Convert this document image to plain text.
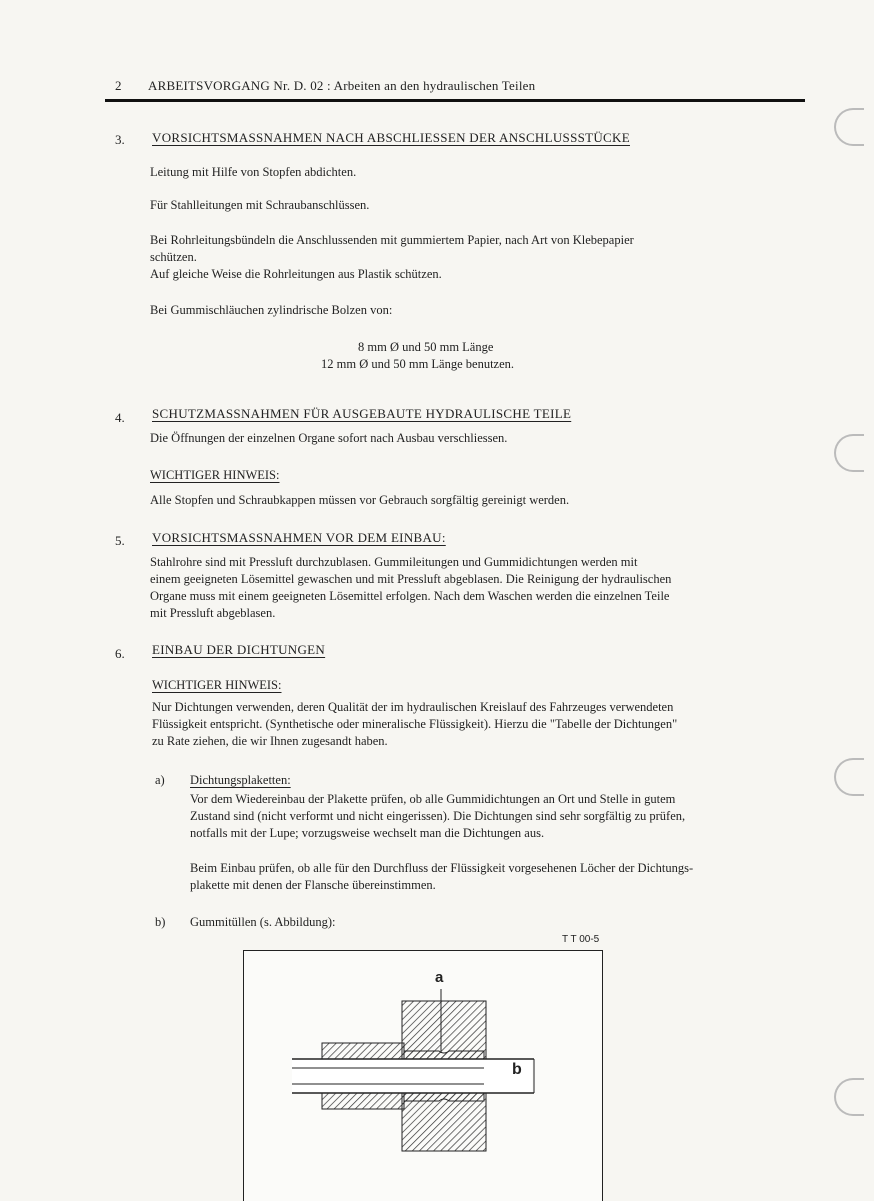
2 ARBEITSVORGANG Nr. D. 02 : Arbeiten an den hydraulischen Teilen
3. VORSICHTSMASSNAHMEN NACH ABSCHLIESSEN DER ANSCHLUSSSTÜCKE
Leitung mit Hilfe von Stopfen abdichten.
Für Stahlleitungen mit Schraubanschlüssen.
Bei Rohrleitungsbündeln die Anschlussenden mit gummiertem Papier, nach Art von Klebepapier
schützen.
Auf gleiche Weise die Rohrleitungen aus Plastik schützen.
Bei Gummischläuchen zylindrische Bolzen von:
8 mm Ø und 50 mm Länge
12 mm Ø und 50 mm Länge benutzen.
4. SCHUTZMASSNAHMEN FÜR AUSGEBAUTE HYDRAULISCHE TEILE
Die Öffnungen der einzelnen Organe sofort nach Ausbau verschliessen.
WICHTIGER HINWEIS:
Alle Stopfen und Schraubkappen müssen vor Gebrauch sorgfältig gereinigt werden.
5. VORSICHTSMASSNAHMEN VOR DEM EINBAU:
Stahlrohre sind mit Pressluft durchzublasen. Gummileitungen und Gummidichtungen werden mit
einem geeigneten Lösemittel gewaschen und mit Pressluft abgeblasen. Die Reinigung der hydraulischen
Organe muss mit einem geeigneten Lösemittel erfolgen. Nach dem Waschen werden die einzelnen Teile
mit Pressluft abgeblasen.
6. EINBAU DER DICHTUNGEN
WICHTIGER HINWEIS:
Nur Dichtungen verwenden, deren Qualität der im hydraulischen Kreislauf des Fahrzeuges verwendeten
Flüssigkeit entspricht. (Synthetische oder mineralische Flüssigkeit). Hierzu die "Tabelle der Dichtungen"
zu Rate ziehen, die wir Ihnen zugesandt haben.
a) Dichtungsplaketten:
Vor dem Wiedereinbau der Plakette prüfen, ob alle Gummidichtungen an Ort und Stelle in gutem
Zustand sind (nicht verformt und nicht eingerissen). Die Dichtungen sind sehr sorgfältig zu prüfen,
notfalls mit der Lupe; vorzugsweise wechselt man die Dichtungen aus.
Beim Einbau prüfen, ob alle für den Durchfluss der Flüssigkeit vorgesehenen Löcher der Dichtungs-
plakette mit denen der Flansche übereinstimmen.
b) Gummitüllen (s. Abbildung):
T T 00-5
a
b
